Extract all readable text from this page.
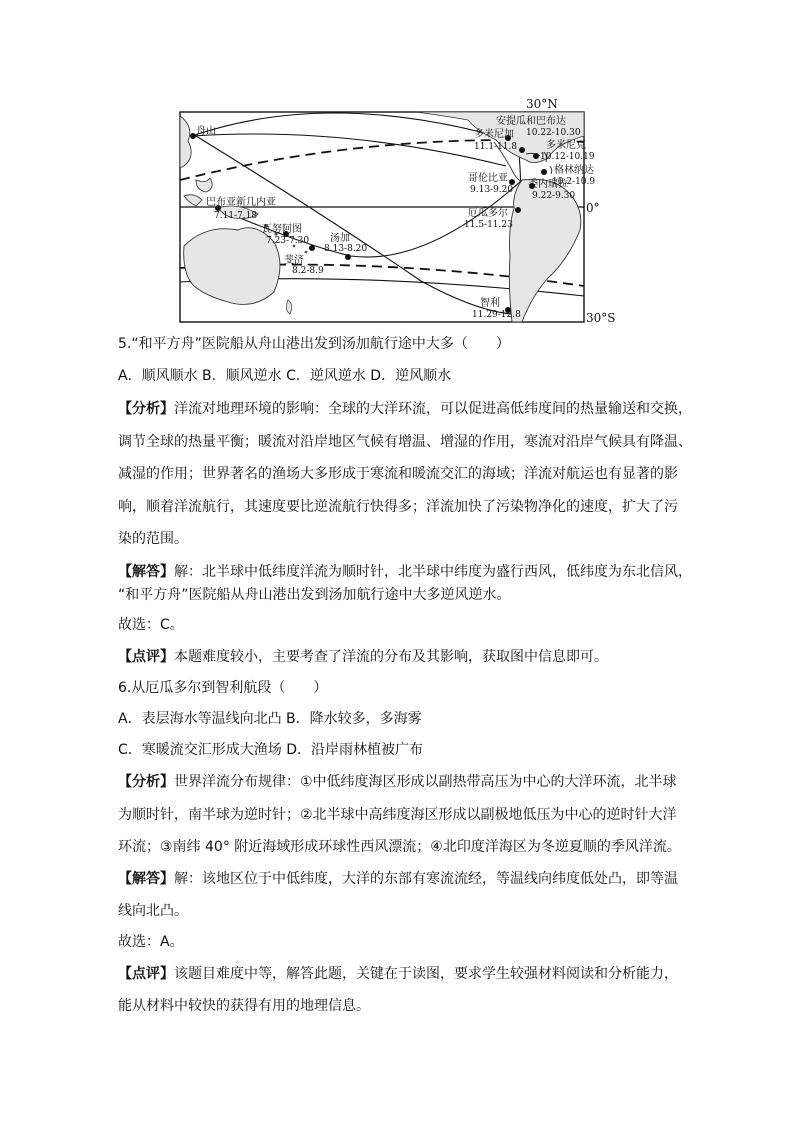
30°N
0°
30°S
舟山
巴布亚新几内亚
7.11-7.18
瓦努阿图
7.23-7.30 汤加
8.13-8.20
斐济
8.2-8.9
安提瓜和巴布达
10.22-10.30
多米尼加
11.1-11.8	多米尼克
10.12-10.19
格林纳达
10.2-10.9
哥伦比亚
9.13-9.20 委内瑞拉
9.22-9.30
厄瓜多尔
11.5-11.23
智利
11.29-12.8
5.“和平方舟”医院船从舟山港出发到汤加航行途中大多（　　）
A．顺风顺水 B．顺风逆水 C．逆风逆水 D．逆风顺水
【分析】洋流对地理环境的影响：全球的大洋环流，可以促进高低纬度间的热量输送和交换，
调节全球的热量平衡；暖流对沿岸地区气候有增温、增湿的作用，寒流对沿岸气候具有降温、
减湿的作用；世界著名的渔场大多形成于寒流和暖流交汇的海域；洋流对航运也有显著的影
响，顺着洋流航行，其速度要比逆流航行快得多；洋流加快了污染物净化的速度，扩大了污
染的范围。
【解答】解：北半球中低纬度洋流为顺时针，北半球中纬度为盛行西风，低纬度为东北信风，
“和平方舟”医院船从舟山港出发到汤加航行途中大多逆风逆水。
故选：C。
【点评】本题难度较小，主要考查了洋流的分布及其影响，获取图中信息即可。
6.从厄瓜多尔到智利航段（　　）
A．表层海水等温线向北凸 B．降水较多，多海雾
C．寒暖流交汇形成大渔场 D．沿岸雨林植被广布
【分析】世界洋流分布规律：①中低纬度海区形成以副热带高压为中心的大洋环流，北半球
为顺时针，南半球为逆时针；②北半球中高纬度海区形成以副极地低压为中心的逆时针大洋
环流；③南纬 40° 附近海域形成环球性西风漂流；④北印度洋海区为冬逆夏顺的季风洋流。
【解答】解：该地区位于中低纬度，大洋的东部有寒流流经，等温线向纬度低处凸，即等温
线向北凸。
故选：A。
【点评】该题目难度中等，解答此题，关键在于读图，要求学生较强材料阅读和分析能力，
能从材料中较快的获得有用的地理信息。
